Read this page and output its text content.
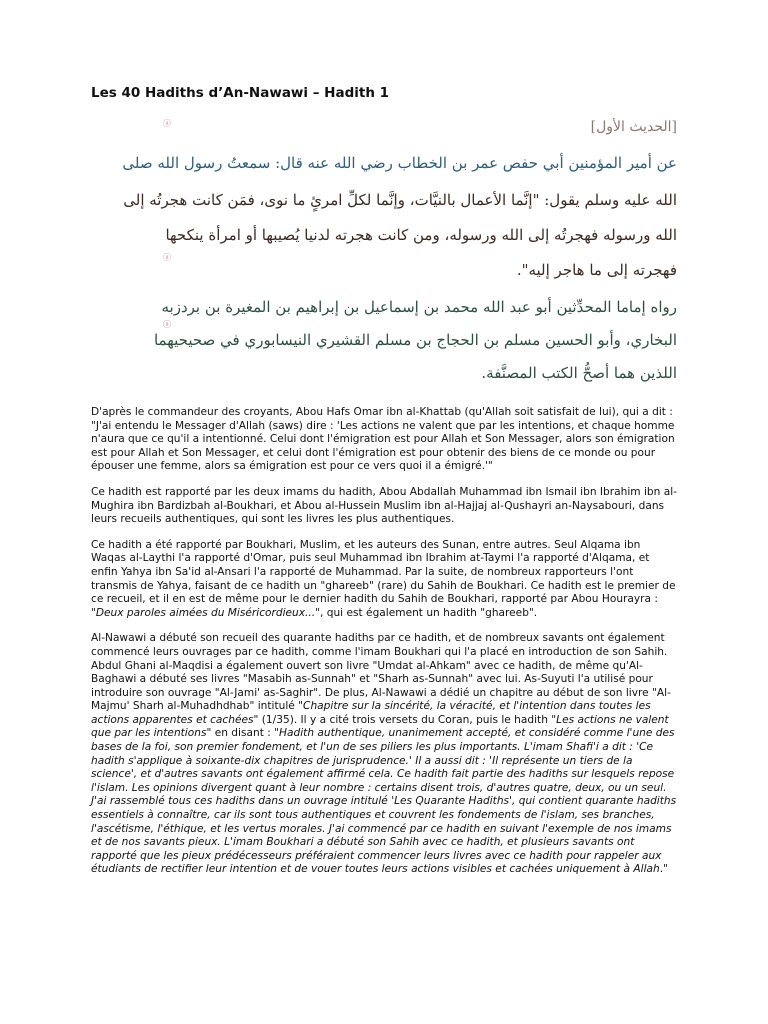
Les 40 Hadiths d’An-Nawawi – Hadith 1
ⓐ	[الحديث الأول]
عن أمير المؤمنين أبي حفص عمر بن الخطاب رضي الله عنه قال: سمعتُ رسول الله صلى
الله عليه وسلم يقول: "إنَّما الأعمال بالنيَّات، وإنَّما لكلِّ امرئٍ ما نوى، فمَن كانت هجرتُه إلى
الله ورسوله فهجرتُه إلى الله ورسوله، ومن كانت هجرته لدنيا يُصيبها أو امرأة ينكحها
ⓐ
فهجرته إلى ما هاجر إليه".
رواه إماما المحدِّثين أبو عبد الله محمد بن إسماعيل بن إبراهيم بن المغيرة بن بردزبه
ⓐ
البخاري، وأبو الحسين مسلم بن الحجاج بن مسلم القشيري النيسابوري في صحيحيهما
اللذين هما أصحُّ الكتب المصنَّفة.

D'après le commandeur des croyants, Abou Hafs Omar ibn al-Khattab (qu'Allah soit satisfait de lui), qui a dit : "J'ai entendu le Messager d'Allah (saws) dire : 'Les actions ne valent que par les intentions, et chaque homme n'aura que ce qu'il a intentionné. Celui dont l'émigration est pour Allah et Son Messager, alors son émigration est pour Allah et Son Messager, et celui dont l'émigration est pour obtenir des biens de ce monde ou pour épouser une femme, alors sa émigration est pour ce vers quoi il a émigré.'"

Ce hadith est rapporté par les deux imams du hadith, Abou Abdallah Muhammad ibn Ismail ibn Ibrahim ibn al-Mughira ibn Bardizbah al-Boukhari, et Abou al-Hussein Muslim ibn al-Hajjaj al-Qushayri an-Naysabouri, dans leurs recueils authentiques, qui sont les livres les plus authentiques.

Ce hadith a été rapporté par Boukhari, Muslim, et les auteurs des Sunan, entre autres. Seul Alqama ibn Waqas al-Laythi l'a rapporté d'Omar, puis seul Muhammad ibn Ibrahim at-Taymi l'a rapporté d'Alqama, et enfin Yahya ibn Sa'id al-Ansari l'a rapporté de Muhammad. Par la suite, de nombreux rapporteurs l'ont transmis de Yahya, faisant de ce hadith un "ghareeb" (rare) du Sahih de Boukhari. Ce hadith est le premier de ce recueil, et il en est de même pour le dernier hadith du Sahih de Boukhari, rapporté par Abou Hourayra : "Deux paroles aimées du Miséricordieux...", qui est également un hadith "ghareeb".

Al-Nawawi a débuté son recueil des quarante hadiths par ce hadith, et de nombreux savants ont également commencé leurs ouvrages par ce hadith, comme l'imam Boukhari qui l'a placé en introduction de son Sahih. Abdul Ghani al-Maqdisi a également ouvert son livre "Umdat al-Ahkam" avec ce hadith, de même qu'Al-Baghawi a débuté ses livres "Masabih as-Sunnah" et "Sharh as-Sunnah" avec lui. As-Suyuti l'a utilisé pour introduire son ouvrage "Al-Jami' as-Saghir". De plus, Al-Nawawi a dédié un chapitre au début de son livre "Al-Majmu' Sharh al-Muhadhdhab" intitulé "Chapitre sur la sincérité, la véracité, et l'intention dans toutes les actions apparentes et cachées" (1/35). Il y a cité trois versets du Coran, puis le hadith "Les actions ne valent que par les intentions" en disant : "Hadith authentique, unanimement accepté, et considéré comme l'une des bases de la foi, son premier fondement, et l'un de ses piliers les plus importants. L'imam Shafi'i a dit : 'Ce hadith s'applique à soixante-dix chapitres de jurisprudence.' Il a aussi dit : 'Il représente un tiers de la science', et d'autres savants ont également affirmé cela. Ce hadith fait partie des hadiths sur lesquels repose l'islam. Les opinions divergent quant à leur nombre : certains disent trois, d'autres quatre, deux, ou un seul. J'ai rassemblé tous ces hadiths dans un ouvrage intitulé 'Les Quarante Hadiths', qui contient quarante hadiths essentiels à connaître, car ils sont tous authentiques et couvrent les fondements de l'islam, ses branches, l'ascétisme, l'éthique, et les vertus morales. J'ai commencé par ce hadith en suivant l'exemple de nos imams et de nos savants pieux. L'imam Boukhari a débuté son Sahih avec ce hadith, et plusieurs savants ont rapporté que les pieux prédécesseurs préféraient commencer leurs livres avec ce hadith pour rappeler aux étudiants de rectifier leur intention et de vouer toutes leurs actions visibles et cachées uniquement à Allah."
